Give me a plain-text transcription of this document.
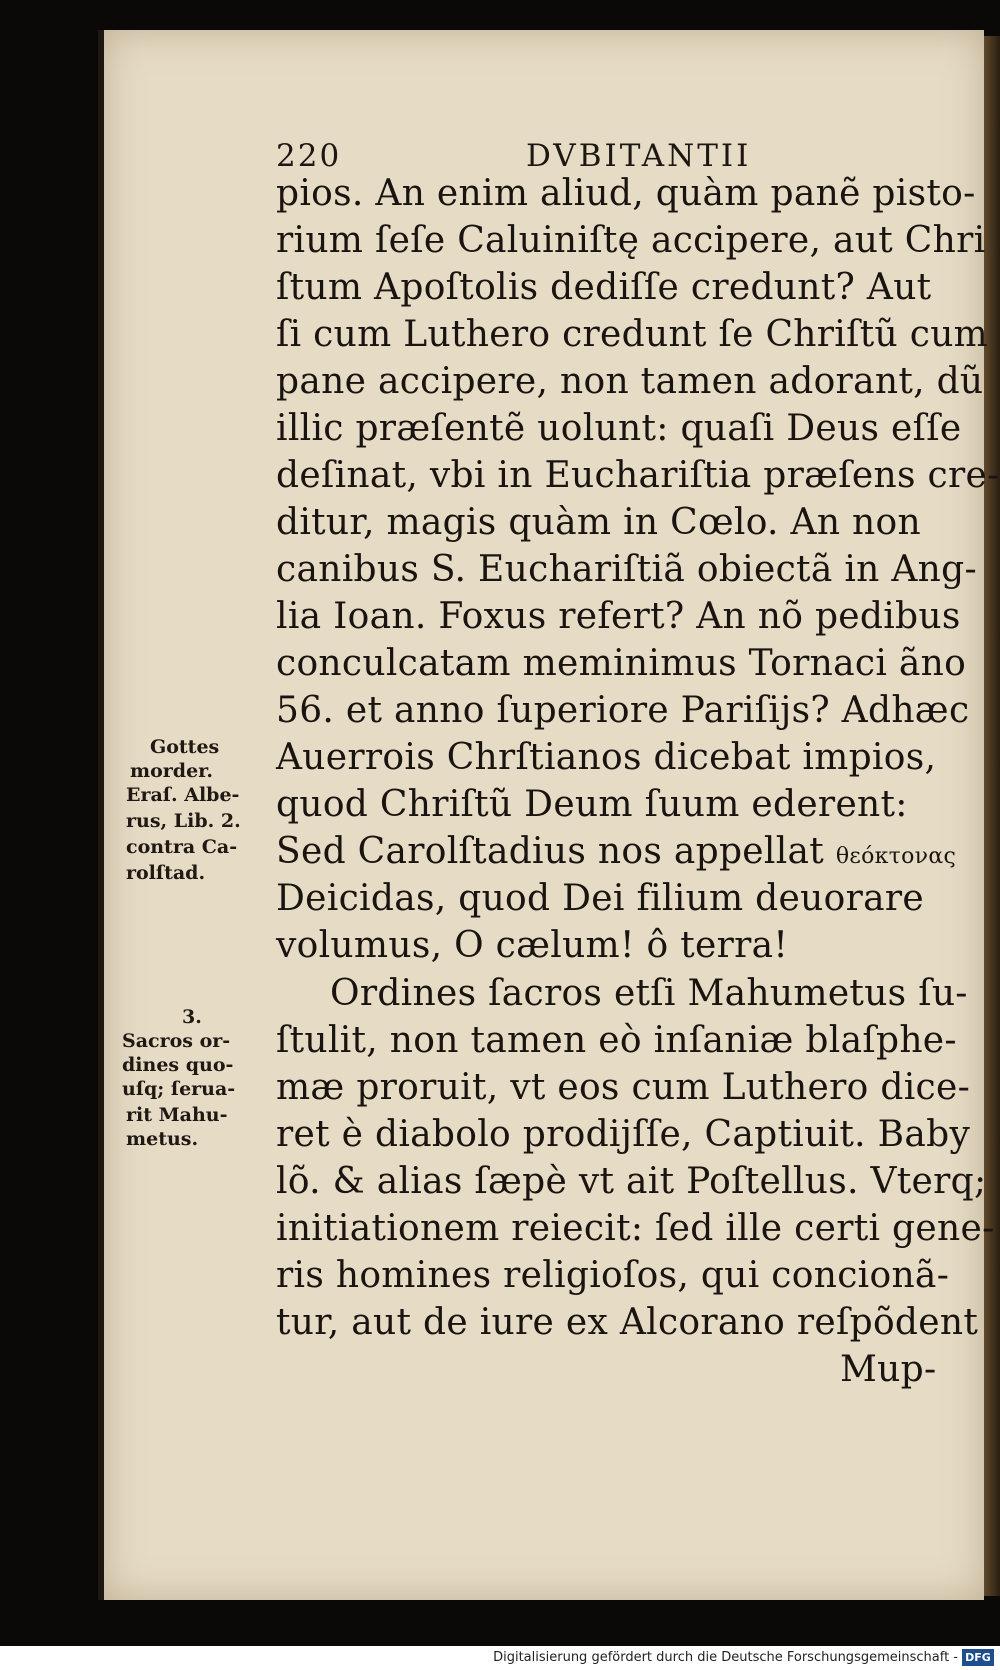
220	DVBITANTII
pios. An enim aliud, quàm panẽ pisto-
rium ſeſe Caluiniſtę accipere, aut Chri
ſtum Apoſtolis dediſſe credunt? Aut
ſi cum Luthero credunt ſe Chriſtũ cum
pane accipere, non tamen adorant, dũ
illic præſentẽ uolunt: quaſi Deus eſſe
deſinat, vbi in Euchariſtia præſens cre-
ditur, magis quàm in Cœlo. An non
canibus S. Euchariſtiã obiectã in Ang-
lia Ioan. Foxus refert? An nõ pedibus
conculcatam meminimus Tornaci ãno
56. et anno ſuperiore Pariſijs? Adhæc
Auerrois Chrſtianos dicebat impios,
quod Chriſtũ Deum ſuum ederent:
Sed Carolſtadius nos appellat θεόκτονας
Deicidas, quod Dei filium deuorare
volumus, O cælum! ô terra!
Ordines ſacros etſi Mahumetus ſu-
ſtulit, non tamen eò inſaniæ blaſphe-
mæ proruit, vt eos cum Luthero dice-
ret è diabolo prodijſſe, Captiuit. Baby
lõ. & alias ſæpè vt ait Poſtellus. Vterq;
initiationem reiecit: ſed ille certi gene-
ris homines religioſos, qui concionã-
tur, aut de iure ex Alcorano reſpõdent
Mup-
Gottes
morder.
Eraſ. Albe-
rus, Lib. 2.
contra Ca-
rolſtad.
3.
Sacros or-
dines quo-
uſq; ſerua-
rit Mahu-
metus.
Digitalisierung gefördert durch die Deutsche Forschungsgemeinschaft - DFG
